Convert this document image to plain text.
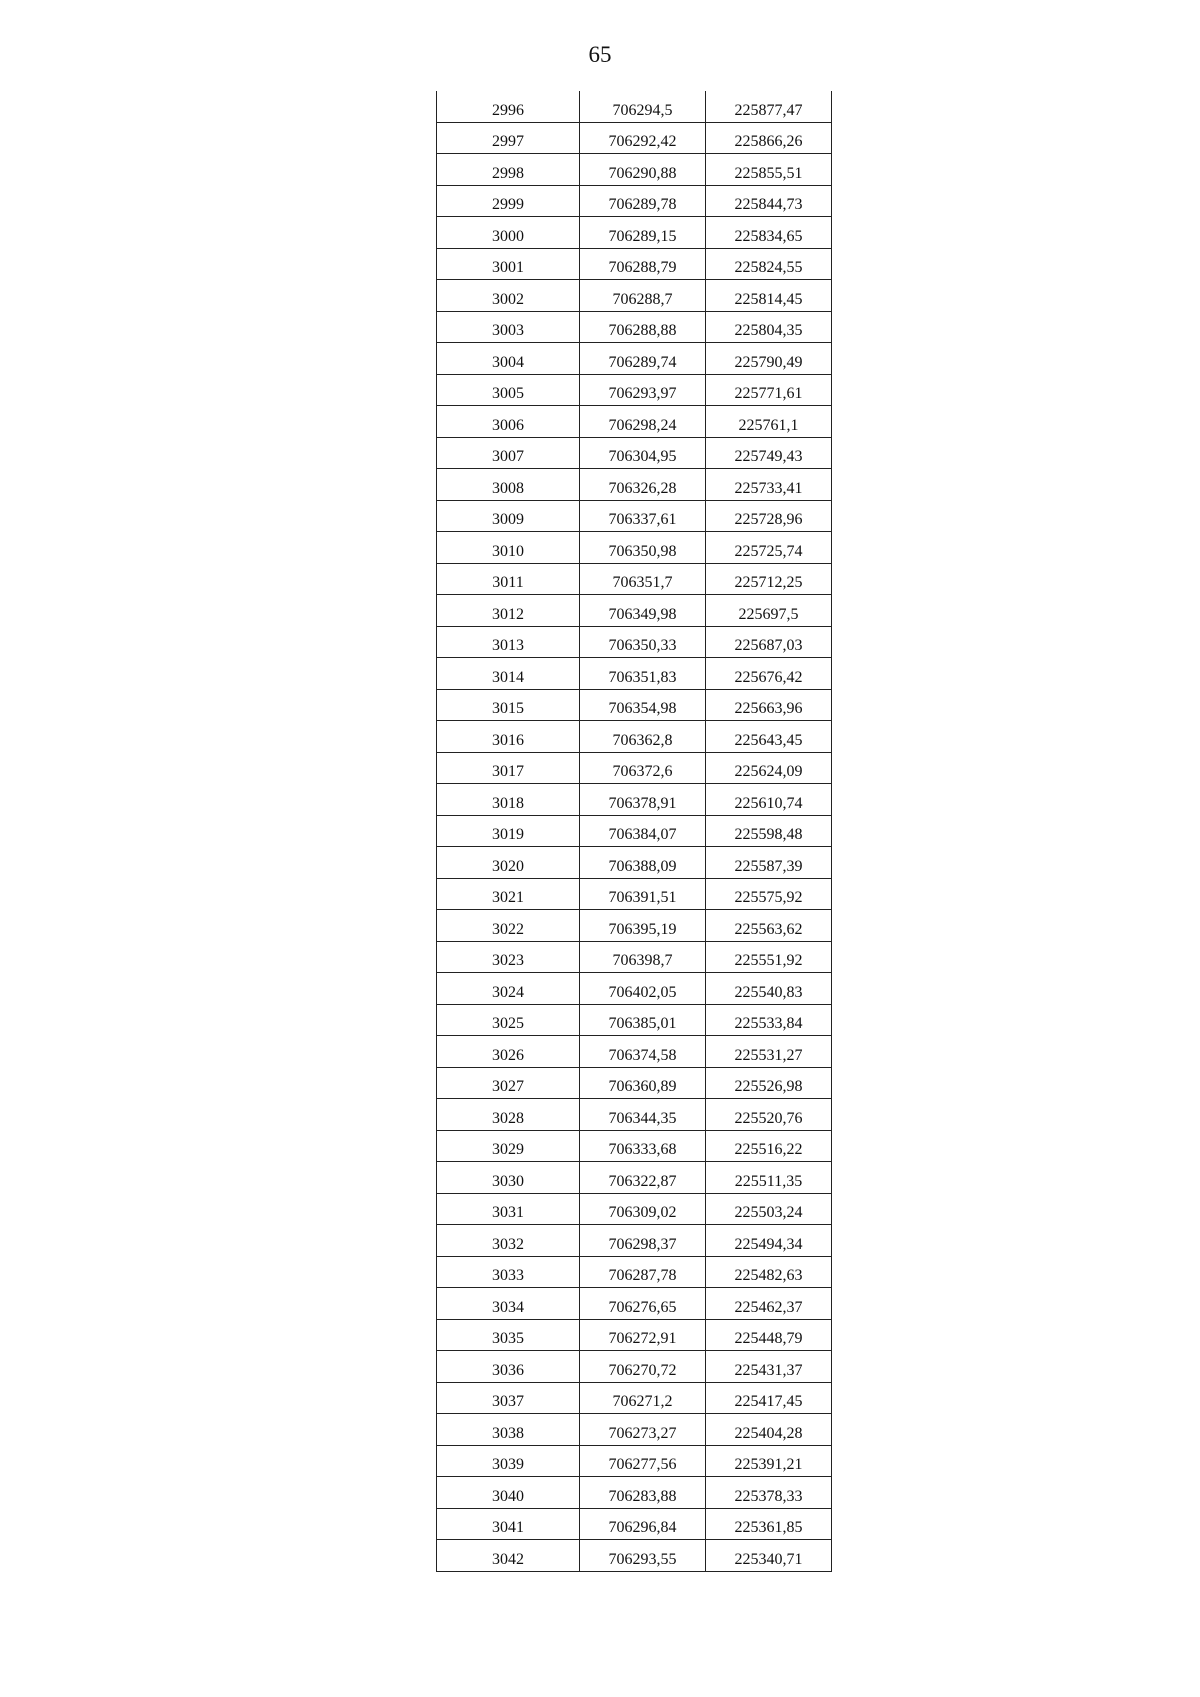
65
2996	706294,5	225877,47
2997	706292,42	225866,26
2998	706290,88	225855,51
2999	706289,78	225844,73
3000	706289,15	225834,65
3001	706288,79	225824,55
3002	706288,7	225814,45
3003	706288,88	225804,35
3004	706289,74	225790,49
3005	706293,97	225771,61
3006	706298,24	225761,1
3007	706304,95	225749,43
3008	706326,28	225733,41
3009	706337,61	225728,96
3010	706350,98	225725,74
3011	706351,7	225712,25
3012	706349,98	225697,5
3013	706350,33	225687,03
3014	706351,83	225676,42
3015	706354,98	225663,96
3016	706362,8	225643,45
3017	706372,6	225624,09
3018	706378,91	225610,74
3019	706384,07	225598,48
3020	706388,09	225587,39
3021	706391,51	225575,92
3022	706395,19	225563,62
3023	706398,7	225551,92
3024	706402,05	225540,83
3025	706385,01	225533,84
3026	706374,58	225531,27
3027	706360,89	225526,98
3028	706344,35	225520,76
3029	706333,68	225516,22
3030	706322,87	225511,35
3031	706309,02	225503,24
3032	706298,37	225494,34
3033	706287,78	225482,63
3034	706276,65	225462,37
3035	706272,91	225448,79
3036	706270,72	225431,37
3037	706271,2	225417,45
3038	706273,27	225404,28
3039	706277,56	225391,21
3040	706283,88	225378,33
3041	706296,84	225361,85
3042	706293,55	225340,71
